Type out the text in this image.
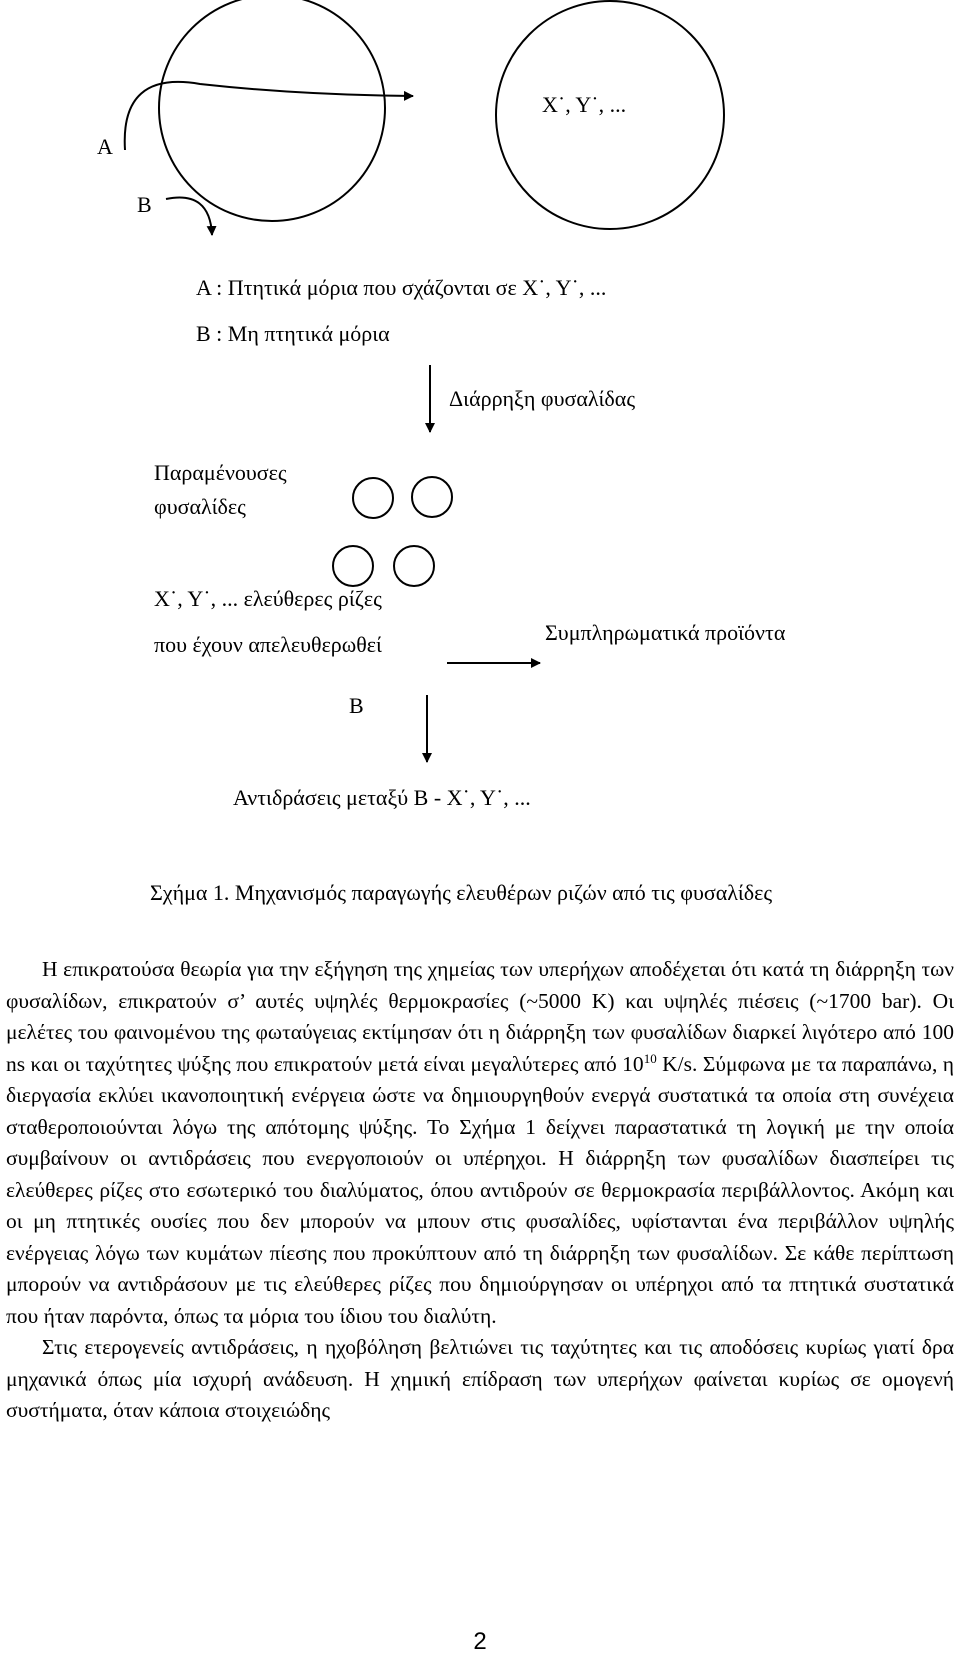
A
B
X˙, Y˙, ...
A : Πτητικά μόρια που σχάζονται σε X˙, Y˙, ...
B : Μη πτητικά μόρια
Διάρρηξη φυσαλίδας
Παραμένουσες
φυσαλίδες
X˙, Y˙, ... ελεύθερες ρίζες
που έχουν απελευθερωθεί	Συμπληρωματικά προϊόντα
B
Αντιδράσεις μεταξύ B - X˙, Y˙, ...
Σχήμα 1. Μηχανισμός παραγωγής ελευθέρων ριζών από τις φυσαλίδες

Η επικρατούσα θεωρία για την εξήγηση της χημείας των υπερήχων αποδέχεται ότι κατά τη διάρρηξη των φυσαλίδων, επικρατούν σ’ αυτές υψηλές θερμοκρασίες (~5000 K) και υψηλές πιέσεις (~1700 bar). Οι μελέτες του φαινομένου της φωταύγειας εκτίμησαν ότι η διάρρηξη των φυσαλίδων διαρκεί λιγότερο από 100 ns και οι ταχύτητες ψύξης που επικρατούν μετά είναι μεγαλύτερες από $10^{10}$ K/s. Σύμφωνα με τα παραπάνω, η διεργασία εκλύει ικανοποιητική ενέργεια ώστε να δημιουργηθούν ενεργά συστατικά τα οποία στη συνέχεια σταθεροποιούνται λόγω της απότομης ψύξης. Το Σχήμα 1 δείχνει παραστατικά τη λογική με την οποία συμβαίνουν οι αντιδράσεις που ενεργοποιούν οι υπέρηχοι. Η διάρρηξη των φυσαλίδων διασπείρει τις ελεύθερες ρίζες στο εσωτερικό του διαλύματος, όπου αντιδρούν σε θερμοκρασία περιβάλλοντος. Ακόμη και οι μη πτητικές ουσίες που δεν μπορούν να μπουν στις φυσαλίδες, υφίστανται ένα περιβάλλον υψηλής ενέργειας λόγω των κυμάτων πίεσης που προκύπτουν από τη διάρρηξη των φυσαλίδων. Σε κάθε περίπτωση μπορούν να αντιδράσουν με τις ελεύθερες ρίζες που δημιούργησαν οι υπέρηχοι από τα πτητικά συστατικά που ήταν παρόντα, όπως τα μόρια του ίδιου του διαλύτη.

Στις ετερογενείς αντιδράσεις, η ηχοβόληση βελτιώνει τις ταχύτητες και τις αποδόσεις κυρίως γιατί δρα μηχανικά όπως μία ισχυρή ανάδευση. Η χημική επίδραση των υπερήχων φαίνεται κυρίως σε ομογενή συστήματα, όταν κάποια στοιχειώδης

2
